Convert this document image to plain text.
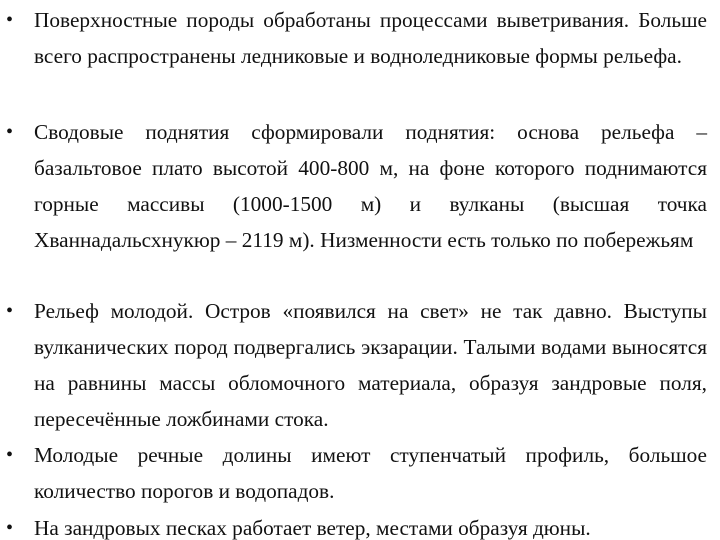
• Поверхностные породы обработаны процессами выветривания. Больше всего распространены ледниковые и водноледниковые формы рельефа.
• Сводовые поднятия сформировали поднятия: основа рельефа – базальтовое плато высотой 400-800 м, на фоне которого поднимаются горные массивы (1000-1500 м) и вулканы (высшая точка Хваннадальсхнукюр – 2119 м). Низменности есть только по побережьям
• Рельеф молодой. Остров «появился на свет» не так давно. Выступы вулканических пород подвергались экзарации. Талыми водами выносятся на равнины массы обломочного материала, образуя зандровые поля, пересечённые ложбинами стока.
• Молодые речные долины имеют ступенчатый профиль, большое количество порогов и водопадов.
• На зандровых песках работает ветер, местами образуя дюны.
